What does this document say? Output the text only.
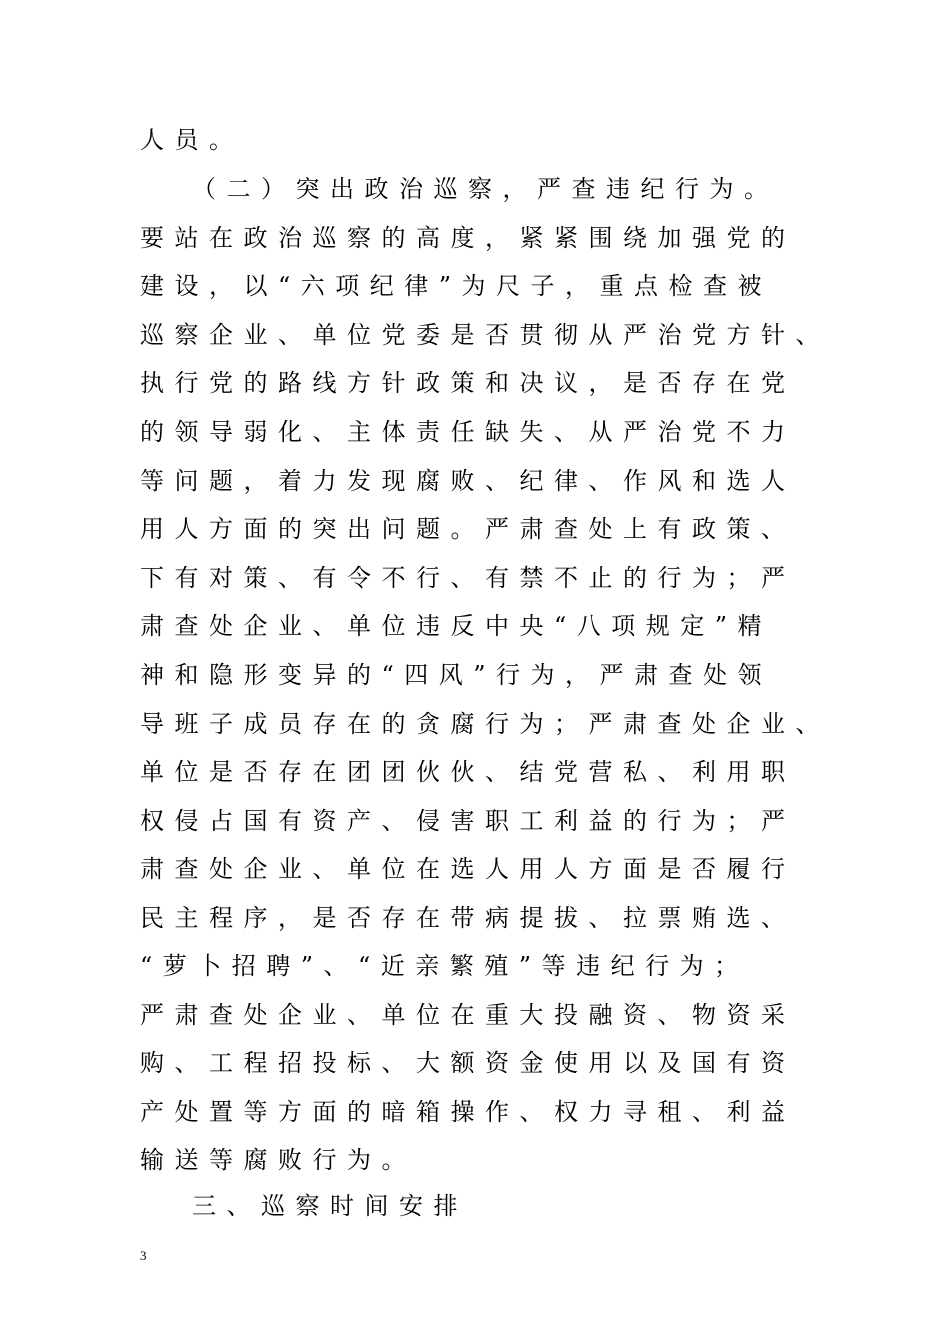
人员。
（二）突出政治巡察，严查违纪行为。
要站在政治巡察的高度，紧紧围绕加强党的
建设，以“六项纪律”为尺子，重点检查被
巡察企业、单位党委是否贯彻从严治党方针、
执行党的路线方针政策和决议，是否存在党
的领导弱化、主体责任缺失、从严治党不力
等问题，着力发现腐败、纪律、作风和选人
用人方面的突出问题。严肃查处上有政策、
下有对策、有令不行、有禁不止的行为；严
肃查处企业、单位违反中央“八项规定”精
神和隐形变异的“四风”行为，严肃查处领
导班子成员存在的贪腐行为；严肃查处企业、
单位是否存在团团伙伙、结党营私、利用职
权侵占国有资产、侵害职工利益的行为；严
肃查处企业、单位在选人用人方面是否履行
民主程序，是否存在带病提拔、拉票贿选、
“萝卜招聘”、“近亲繁殖”等违纪行为；
严肃查处企业、单位在重大投融资、物资采
购、工程招投标、大额资金使用以及国有资
产处置等方面的暗箱操作、权力寻租、利益
输送等腐败行为。
三、巡察时间安排
3
